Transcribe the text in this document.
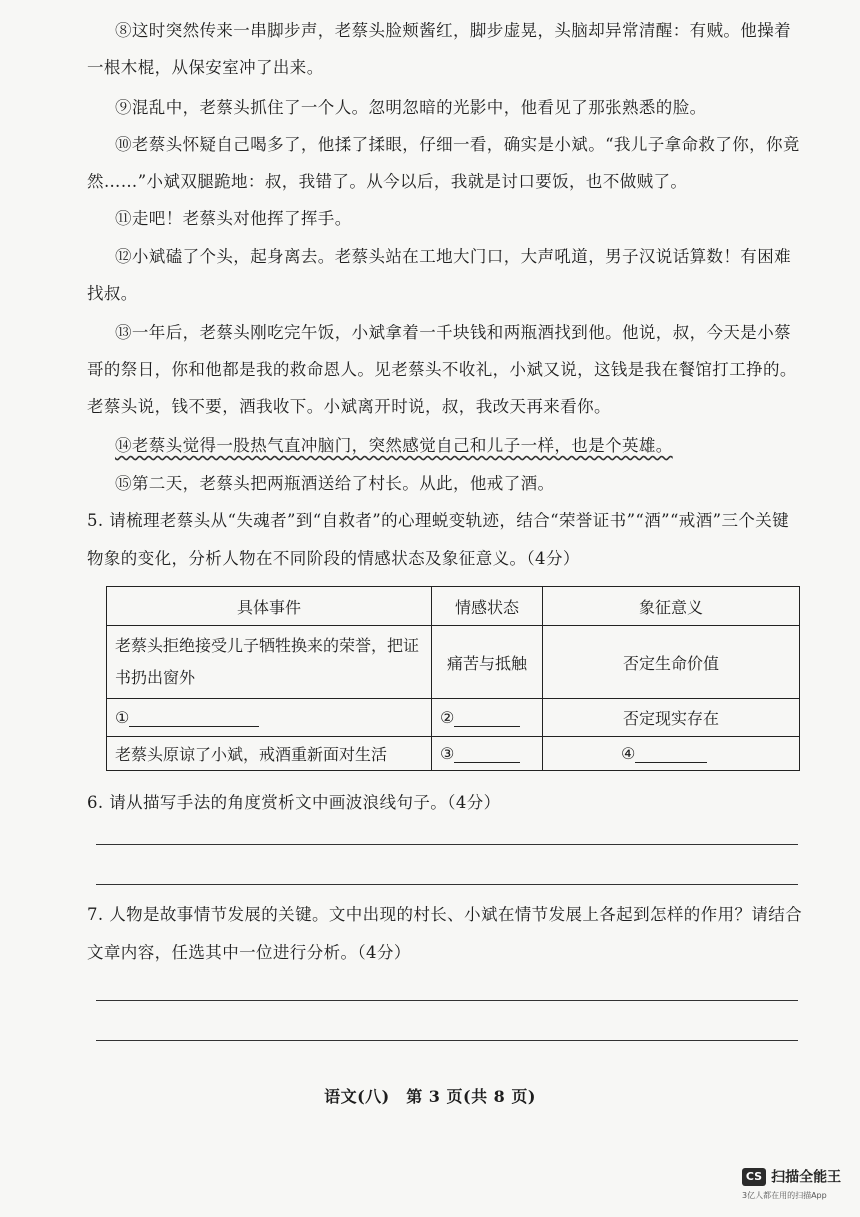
⑧这时突然传来一串脚步声，老蔡头脸颊酱红，脚步虚晃，头脑却异常清醒：有贼。他操着一根木棍，从保安室冲了出来。
⑨混乱中，老蔡头抓住了一个人。忽明忽暗的光影中，他看见了那张熟悉的脸。
⑩老蔡头怀疑自己喝多了，他揉了揉眼，仔细一看，确实是小斌。“我儿子拿命救了你，你竟然……”小斌双腿跪地：叔，我错了。从今以后，我就是讨口要饭，也不做贼了。
⑪走吧！老蔡头对他挥了挥手。
⑫小斌磕了个头，起身离去。老蔡头站在工地大门口，大声吼道，男子汉说话算数！有困难找叔。
⑬一年后，老蔡头刚吃完午饭，小斌拿着一千块钱和两瓶酒找到他。他说，叔，今天是小蔡哥的祭日，你和他都是我的救命恩人。见老蔡头不收礼，小斌又说，这钱是我在餐馆打工挣的。老蔡头说，钱不要，酒我收下。小斌离开时说，叔，我改天再来看你。
⑭老蔡头觉得一股热气直冲脑门，突然感觉自己和儿子一样，也是个英雄。
⑮第二天，老蔡头把两瓶酒送给了村长。从此，他戒了酒。
5. 请梳理老蔡头从“失魂者”到“自救者”的心理蜕变轨迹，结合“荣誉证书”“酒”“戒酒”三个关键物象的变化，分析人物在不同阶段的情感状态及象征意义。（4分）
具体事件	情感状态	象征意义
老蔡头拒绝接受儿子牺牲换来的荣誉，把证书扔出窗外	痛苦与抵触	否定生命价值
①	②	否定现实存在
老蔡头原谅了小斌，戒酒重新面对生活	③	④
6. 请从描写手法的角度赏析文中画波浪线句子。（4分）
7. 人物是故事情节发展的关键。文中出现的村长、小斌在情节发展上各起到怎样的作用？请结合文章内容，任选其中一位进行分析。（4分）
语文(八)　第 3 页(共 8 页)
CS 扫描全能王
3亿人都在用的扫描App
